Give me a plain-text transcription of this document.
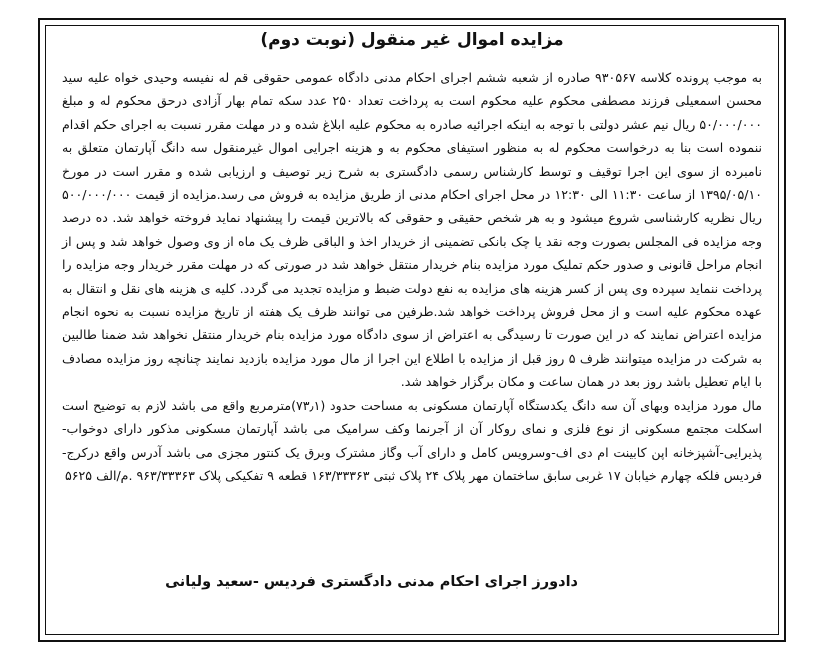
مزایده اموال غیر منقول (نوبت دوم)

به موجب پرونده کلاسه ۹۳۰۵۶۷ صادره از شعبه ششم اجرای احکام مدنی دادگاه عمومی حقوقی قم له نفیسه وحیدی خواه علیه سید محسن اسمعیلی فرزند مصطفی محکوم علیه محکوم است به پرداخت تعداد ۲۵۰ عدد سکه تمام بهار آزادی درحق محکوم له و مبلغ ۵۰/۰۰۰/۰۰۰ ریال نیم عشر دولتی با توجه به اینکه اجرائیه صادره به محکوم علیه ابلاغ شده و در مهلت مقرر نسبت به اجرای حکم اقدام ننموده است بنا به درخواست محکوم له به منظور استیفای محکوم به و هزینه اجرایی اموال غیرمنقول سه دانگ آپارتمان متعلق به نامبرده از سوی این اجرا توقیف و توسط کارشناس رسمی دادگستری به شرح زیر توصیف و ارزیابی شده و مقرر است در مورخ ۱۳۹۵/۰۵/۱۰ از ساعت ۱۱:۳۰ الی ۱۲:۳۰ در محل اجرای احکام مدنی از طریق مزایده به فروش می رسد.مزایده از قیمت ۵۰۰/۰۰۰/۰۰۰ ریال نظریه کارشناسی شروع میشود و به هر شخص حقیقی و حقوقی که بالاترین قیمت را پیشنهاد نماید فروخته خواهد شد. ده درصد وجه مزایده فی المجلس بصورت وجه نقد یا چک بانکی تضمینی از خریدار اخذ و الباقی ظرف یک ماه از وی وصول خواهد شد و پس از انجام مراحل قانونی و صدور حکم تملیک مورد مزایده بنام خریدار منتقل خواهد شد در صورتی که در مهلت مقرر خریدار وجه مزایده را پرداخت ننماید سپرده وی پس از کسر هزینه های مزایده به نفع دولت ضبط و مزایده تجدید می گردد. کلیه ی هزینه های نقل و انتقال به عهده محکوم علیه است و از محل فروش پرداخت خواهد شد.طرفین می توانند ظرف یک هفته از تاریخ مزایده نسبت به نحوه انجام مزایده اعتراض نمایند که در این صورت تا رسیدگی به اعتراض از سوی دادگاه مورد مزایده بنام خریدار منتقل نخواهد شد ضمنا طالبین به شرکت در مزایده میتوانند ظرف ۵ روز قبل از مزایده با اطلاع این اجرا از مال مورد مزایده بازدید نمایند چنانچه روز مزایده مصادف با ایام تعطیل باشد روز بعد در همان ساعت و مکان برگزار خواهد شد.

مال مورد مزایده وبهای آن سه دانگ یکدستگاه آپارتمان مسکونی به مساحت حدود (۷۳٫۱)مترمربع واقع می باشد لازم به توضیح است اسکلت مجتمع مسکونی از نوع فلزی و نمای روکار آن از آجرنما وکف سرامیک می باشد آپارتمان مسکونی مذکور دارای دوخواب-پذیرایی-آشپزخانه اپن کابینت ام دی اف-وسرویس کامل و دارای آب وگاز مشترک وبرق یک کنتور مجزی می باشد آدرس واقع درکرج-فردیس فلکه چهارم خیابان ۱۷ غربی سابق ساختمان مهر پلاک ۲۴ پلاک ثبتی ۱۶۳/۳۳۳۶۳ قطعه ۹ تفکیکی پلاک ۹۶۳/۳۳۳۶۳ .م/الف ۵۶۲۵

دادورز اجرای احکام مدنی دادگستری فردیس -سعید ولیانی
